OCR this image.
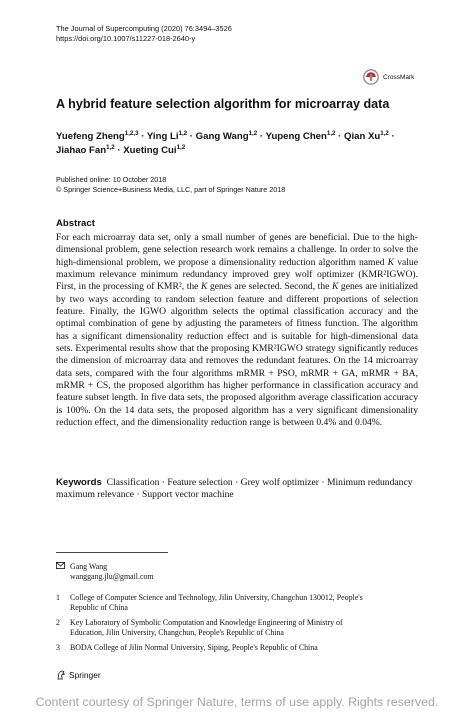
The Journal of Supercomputing (2020) 76:3494–3526
https://doi.org/10.1007/s11227-018-2640-y
CrossMark
A hybrid feature selection algorithm for microarray data
Yuefeng Zheng$^{1,2,3}$ · Ying Li$^{1,2}$ · Gang Wang$^{1,2}$ · Yupeng Chen$^{1,2}$ · Qian Xu$^{1,2}$ ·
Jiahao Fan$^{1,2}$ · Xueting Cui$^{1,2}$
Published online: 10 October 2018
© Springer Science+Business Media, LLC, part of Springer Nature 2018
Abstract

For each microarray data set, only a small number of genes are beneficial. Due to the high-dimensional problem, gene selection research work remains a challenge. In order to solve the high-dimensional problem, we propose a dimensionality reduction algorithm named K value maximum relevance minimum redundancy improved grey wolf optimizer (KMR²IGWO). First, in the processing of KMR², the K genes are selected. Second, the K genes are initialized by two ways according to random selection feature and different proportions of selection feature. Finally, the IGWO algorithm selects the optimal classification accuracy and the optimal combination of gene by adjusting the parameters of fitness function. The algorithm has a significant dimensionality reduction effect and is suitable for high-dimensional data sets. Experimental results show that the proposing KMR²IGWO strategy significantly reduces the dimension of microarray data and removes the redundant features. On the 14 microarray data sets, compared with the four algorithms mRMR + PSO, mRMR + GA, mRMR + BA, mRMR + CS, the proposed algorithm has higher performance in classification accuracy and feature subset length. In five data sets, the proposed algorithm average classification accuracy is 100%. On the 14 data sets, the proposed algorithm has a very significant dimensionality reduction effect, and the dimensionality reduction range is between 0.4% and 0.04%.

Keywords Classification · Feature selection · Grey wolf optimizer · Minimum redundancy maximum relevance · Support vector machine

Gang Wang
wanggang.jlu@gmail.com
1 College of Computer Science and Technology, Jilin University, Changchun 130012, People's Republic of China
2 Key Laboratory of Symbolic Computation and Knowledge Engineering of Ministry of Education, Jilin University, Changchun, People's Republic of China
3 BODA College of Jilin Normal University, Siping, People's Republic of China
Springer
Content courtesy of Springer Nature, terms of use apply. Rights reserved.
